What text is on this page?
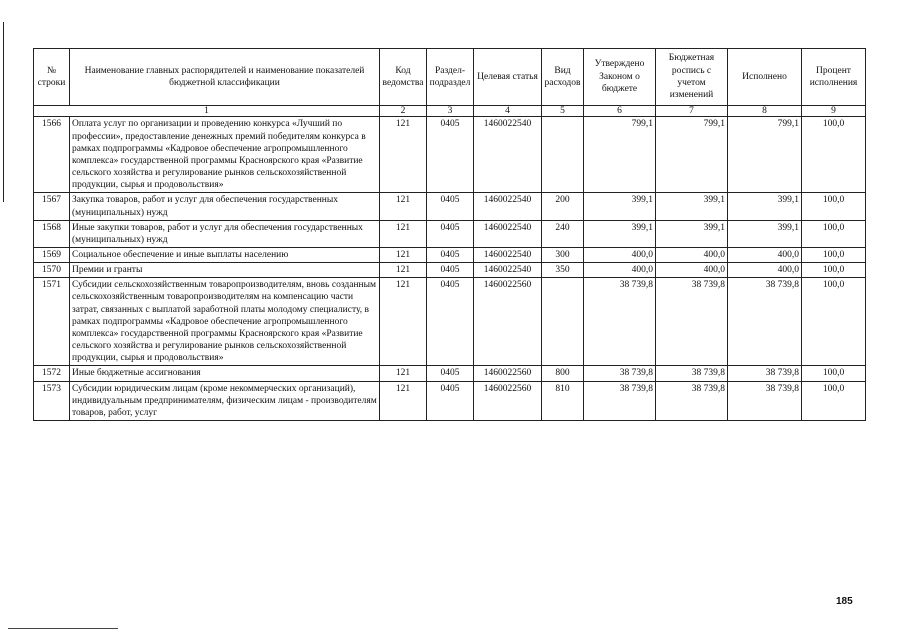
№ строки	Наименование главных распорядителей и наименование показателей бюджетной классификации	Код ведомства	Раздел-подраздел	Целевая статья	Вид расходов	Утверждено Законом о бюджете	Бюджетная роспись с учетом изменений	Исполнено	Процент исполнения
1		2	3	4	5	6	7	8	9
1566	Оплата услуг по организации и проведению конкурса «Лучший по профессии», предоставление денежных премий победителям конкурса в рамках подпрограммы «Кадровое обеспечение агропромышленного комплекса» государственной программы Красноярского края «Развитие сельского хозяйства и регулирование рынков сельскохозяйственной продукции, сырья и продовольствия»	121	0405	1460022540		799,1	799,1	799,1	100,0
1567	Закупка товаров, работ и услуг для обеспечения государственных (муниципальных) нужд	121	0405	1460022540	200	399,1	399,1	399,1	100,0
1568	Иные закупки товаров, работ и услуг для обеспечения государственных (муниципальных) нужд	121	0405	1460022540	240	399,1	399,1	399,1	100,0
1569	Социальное обеспечение и иные выплаты населению	121	0405	1460022540	300	400,0	400,0	400,0	100,0
1570	Премии и гранты	121	0405	1460022540	350	400,0	400,0	400,0	100,0
1571	Субсидии сельскохозяйственным товаропроизводителям, вновь созданным сельскохозяйственным товаропроизводителям на компенсацию части затрат, связанных с выплатой заработной платы молодому специалисту, в рамках подпрограммы «Кадровое обеспечение агропромышленного комплекса» государственной программы Красноярского края «Развитие сельского хозяйства и регулирование рынков сельскохозяйственной продукции, сырья и продовольствия»	121	0405	1460022560		38 739,8	38 739,8	38 739,8	100,0
1572	Иные бюджетные ассигнования	121	0405	1460022560	800	38 739,8	38 739,8	38 739,8	100,0
1573	Субсидии юридическим лицам (кроме некоммерческих организаций), индивидуальным предпринимателям, физическим лицам - производителям товаров, работ, услуг	121	0405	1460022560	810	38 739,8	38 739,8	38 739,8	100,0
185
